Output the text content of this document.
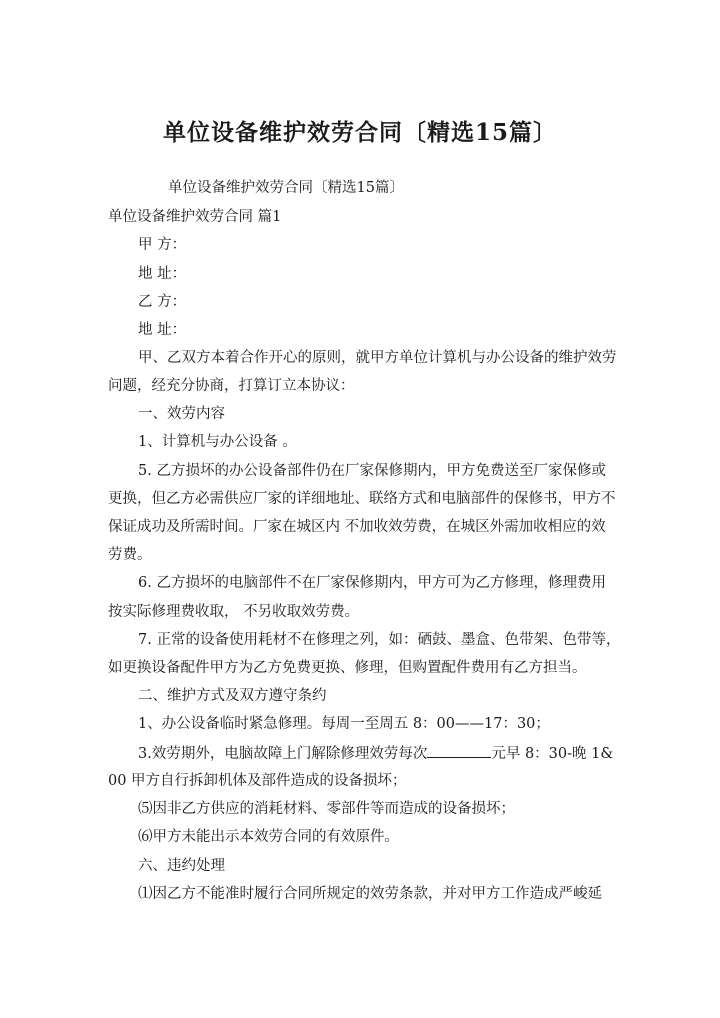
单位设备维护效劳合同〔精选15篇〕

单位设备维护效劳合同〔精选15篇〕

单位设备维护效劳合同 篇1

甲 方：

地 址：

乙 方：

地 址：

甲、乙双方本着合作开心的原则，就甲方单位计算机与办公设备的维护效劳

问题，经充分协商，打算订立本协议：

一、效劳内容

1、计算机与办公设备 。

5. 乙方损坏的办公设备部件仍在厂家保修期内，甲方免费送至厂家保修或

更换，但乙方必需供应厂家的详细地址、联络方式和电脑部件的保修书，甲方不

保证成功及所需时间。厂家在城区内 不加收效劳费，在城区外需加收相应的效

劳费。

6. 乙方损坏的电脑部件不在厂家保修期内，甲方可为乙方修理，修理费用

按实际修理费收取， 不另收取效劳费。

7. 正常的设备使用耗材不在修理之列，如：硒鼓、墨盒、色带架、色带等，

如更换设备配件甲方为乙方免费更换、修理，但购置配件费用有乙方担当。

二、维护方式及双方遵守条约

1、办公设备临时紧急修理。每周一至周五 8：00——17：30；

3.效劳期外，电脑故障上门解除修理效劳每次	元早 8：30-晚 1&

00 甲方自行拆卸机体及部件造成的设备损坏；

⑸因非乙方供应的消耗材料、零部件等而造成的设备损坏；

⑹甲方未能出示本效劳合同的有效原件。

六、违约处理

⑴因乙方不能准时履行合同所规定的效劳条款，并对甲方工作造成严峻延
